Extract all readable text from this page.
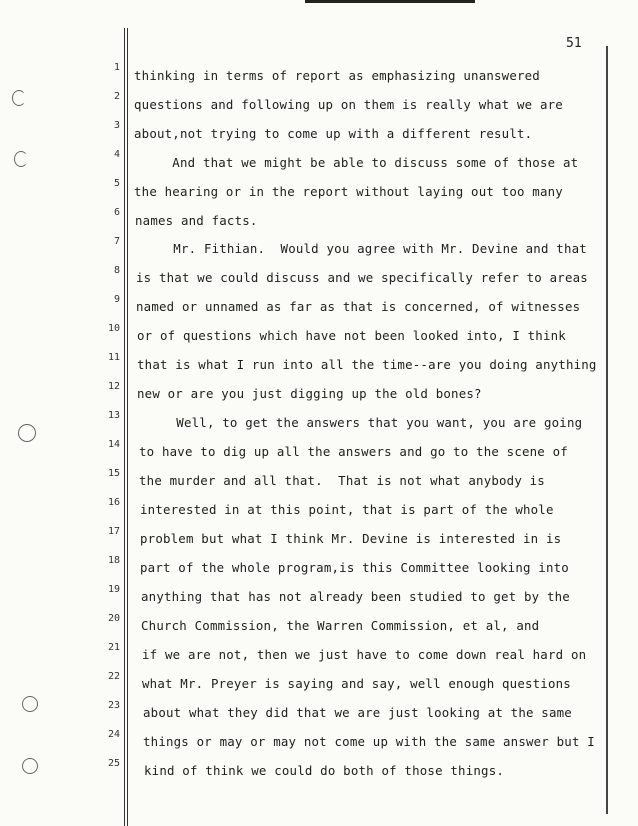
51
1
2
3
4
5
6
7
8
9
10
11
12
13
14
15
16
17
18
19
20
21
22
23
24
25
thinking in terms of report as emphasizing unanswered
questions and following up on them is really what we are
about,not trying to come up with a different result.
And that we might be able to discuss some of those at
the hearing or in the report without laying out too many
names and facts.
Mr. Fithian.  Would you agree with Mr. Devine and that
is that we could discuss and we specifically refer to areas
named or unnamed as far as that is concerned, of witnesses
or of questions which have not been looked into, I think
that is what I run into all the time--are you doing anything
new or are you just digging up the old bones?
Well, to get the answers that you want, you are going
to have to dig up all the answers and go to the scene of
the murder and all that.  That is not what anybody is
interested in at this point, that is part of the whole
problem but what I think Mr. Devine is interested in is
part of the whole program,is this Committee looking into
anything that has not already been studied to get by the
Church Commission, the Warren Commission, et al, and
if we are not, then we just have to come down real hard on
what Mr. Preyer is saying and say, well enough questions
about what they did that we are just looking at the same
things or may or may not come up with the same answer but I
kind of think we could do both of those things.
